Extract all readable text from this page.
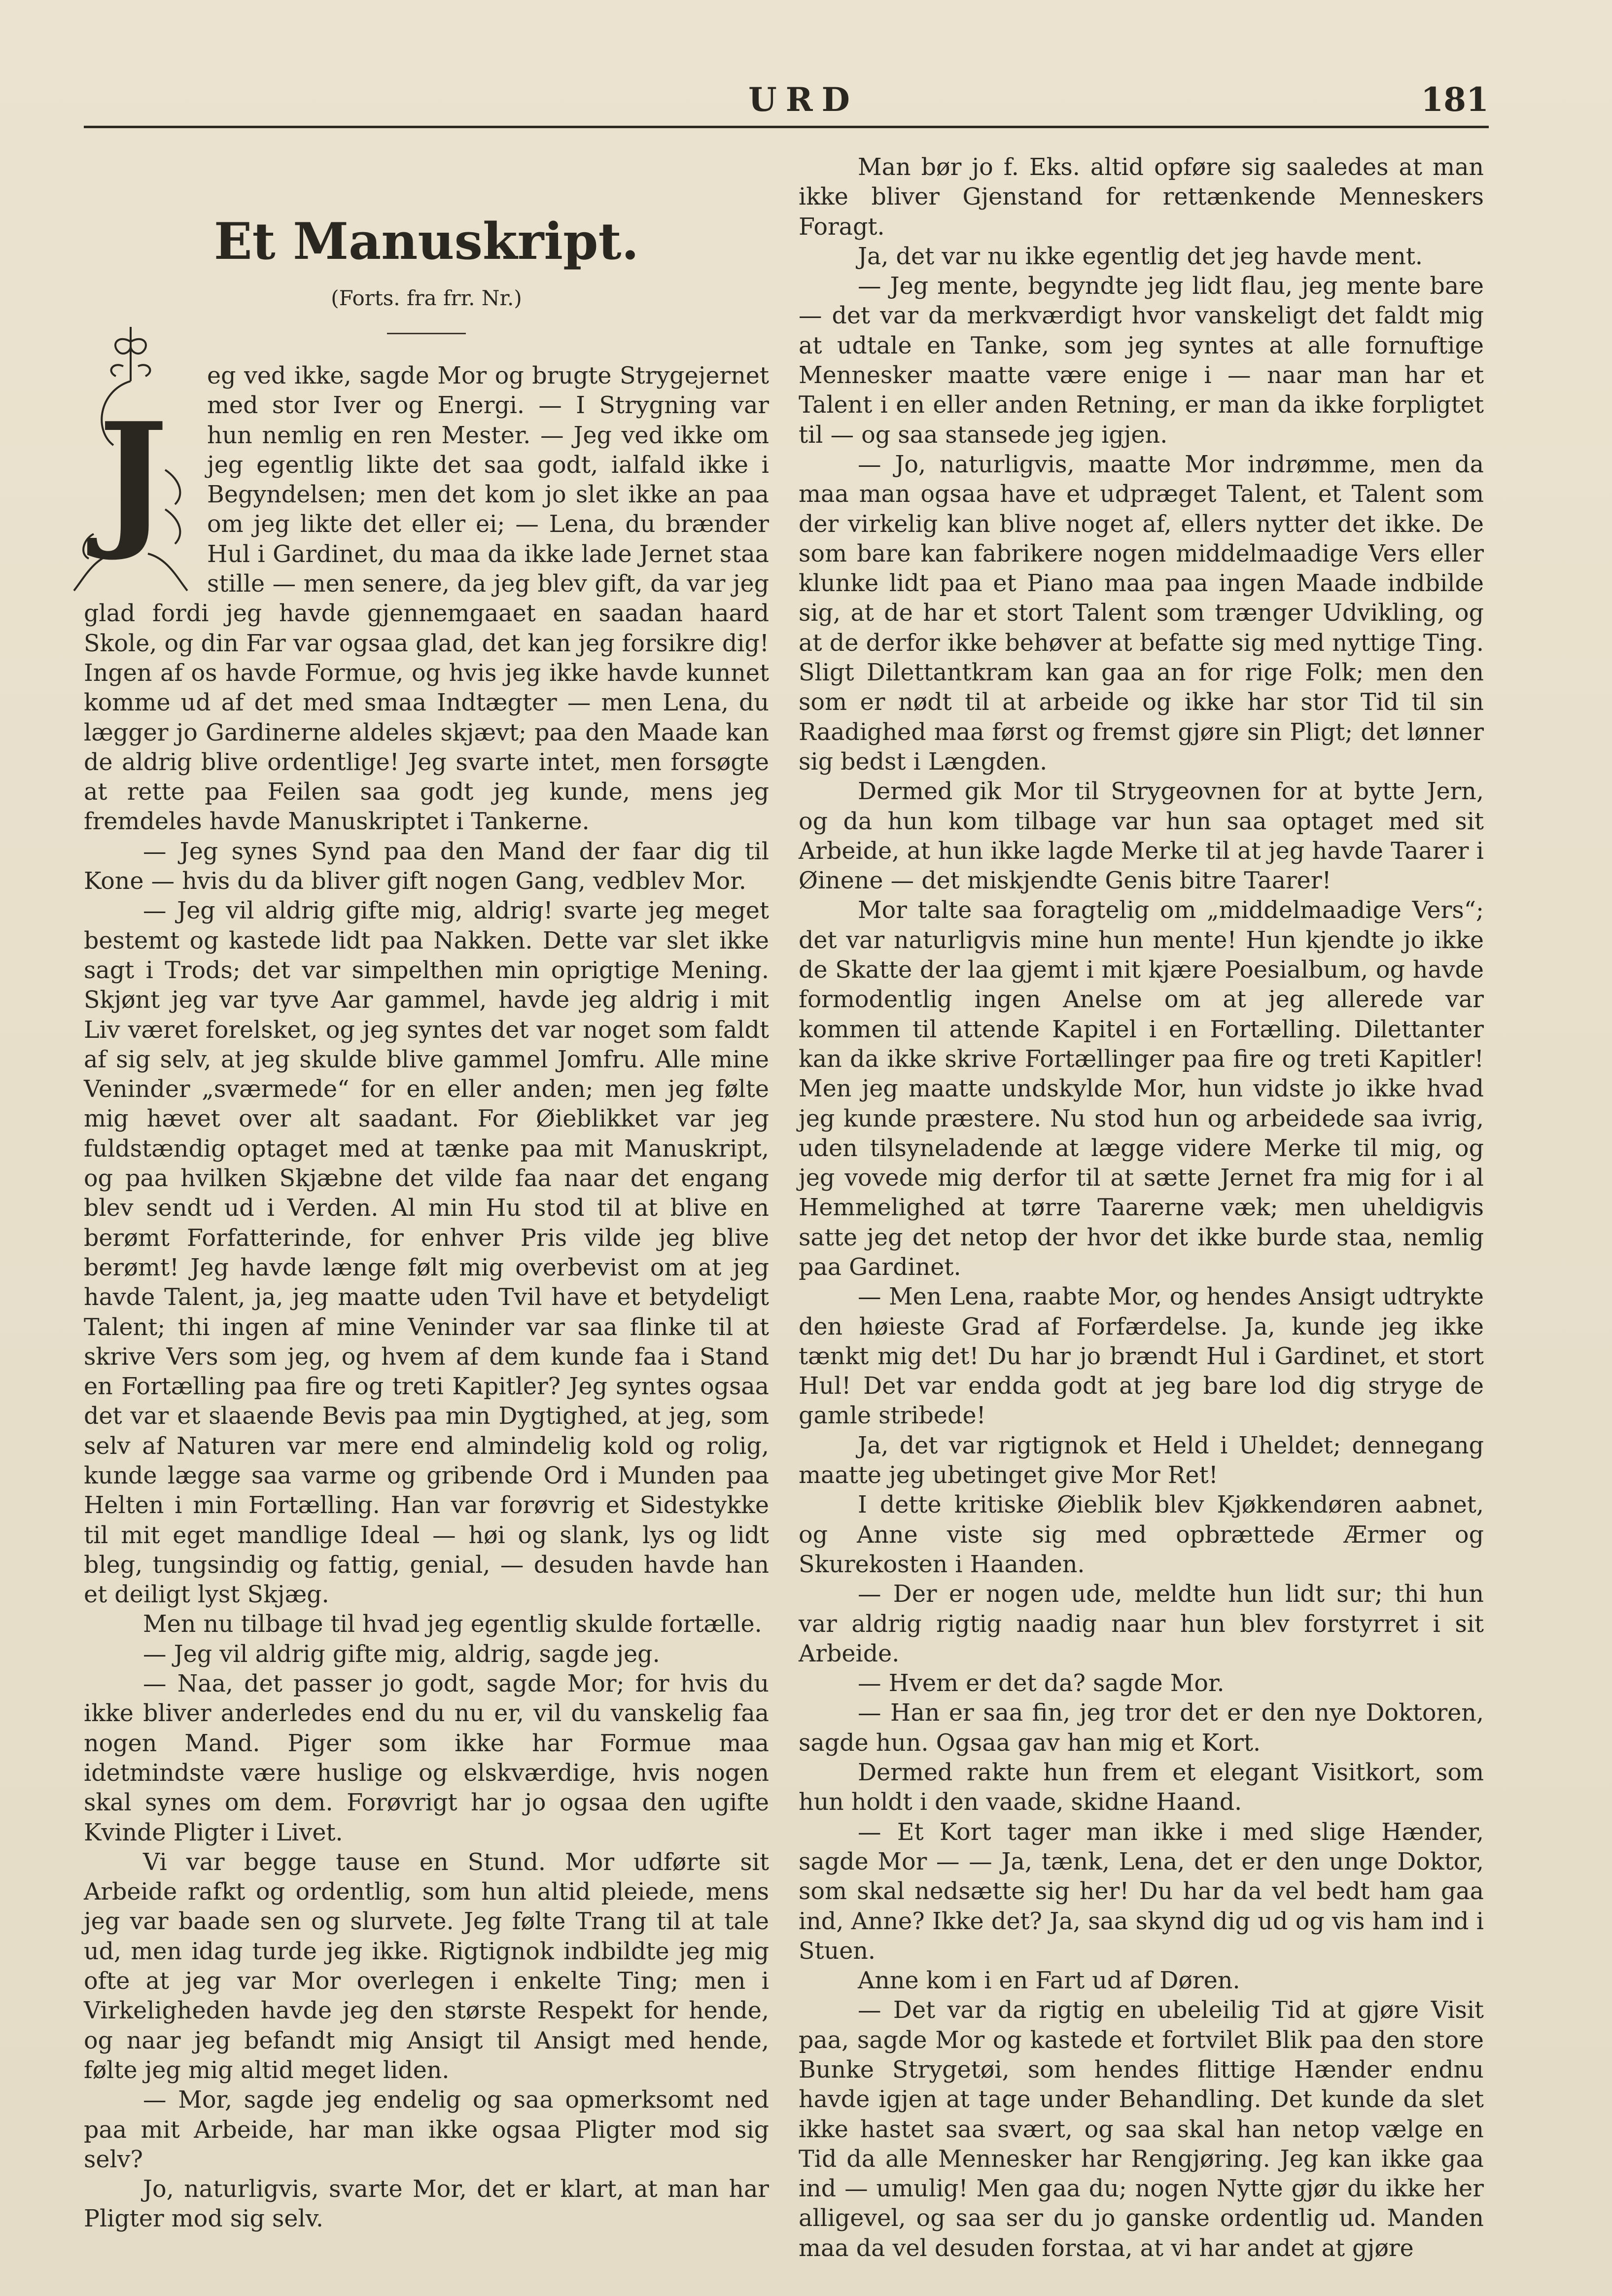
URD	181
Et Manuskript.
(Forts. fra frr. Nr.)
J

eg ved ikke, sagde Mor og brugte Strygejernet med stor Iver og Energi. — I Strygning var hun nemlig en ren Mester. — Jeg ved ikke om jeg egentlig likte det saa godt, ialfald ikke i Begyndelsen; men det kom jo slet ikke an paa om jeg likte det eller ei; — Lena, du brænder Hul i Gardinet, du maa da ikke lade Jernet staa stille — men senere, da jeg blev gift, da var jeg glad fordi jeg havde gjennemgaaet en saadan haard Skole, og din Far var ogsaa glad, det kan jeg forsikre dig! Ingen af os havde Formue, og hvis jeg ikke havde kunnet komme ud af det med smaa Indtægter — men Lena, du lægger jo Gardinerne aldeles skjævt; paa den Maade kan de aldrig blive ordentlige! Jeg svarte intet, men forsøgte at rette paa Feilen saa godt jeg kunde, mens jeg fremdeles havde Manuskriptet i Tankerne.

— Jeg synes Synd paa den Mand der faar dig til Kone — hvis du da bliver gift nogen Gang, vedblev Mor.

— Jeg vil aldrig gifte mig, aldrig! svarte jeg meget bestemt og kastede lidt paa Nakken. Dette var slet ikke sagt i Trods; det var simpelthen min oprigtige Mening. Skjønt jeg var tyve Aar gammel, havde jeg aldrig i mit Liv været forelsket, og jeg syntes det var noget som faldt af sig selv, at jeg skulde blive gammel Jomfru. Alle mine Veninder „sværmede“ for en eller anden; men jeg følte mig hævet over alt saadant. For Øieblikket var jeg fuldstændig optaget med at tænke paa mit Manuskript, og paa hvilken Skjæbne det vilde faa naar det engang blev sendt ud i Verden. Al min Hu stod til at blive en berømt Forfatterinde, for enhver Pris vilde jeg blive berømt! Jeg havde længe følt mig overbevist om at jeg havde Talent, ja, jeg maatte uden Tvil have et betydeligt Talent; thi ingen af mine Veninder var saa flinke til at skrive Vers som jeg, og hvem af dem kunde faa i Stand en Fortælling paa fire og treti Kapitler? Jeg syntes ogsaa det var et slaaende Bevis paa min Dygtighed, at jeg, som selv af Naturen var mere end almindelig kold og rolig, kunde lægge saa varme og gribende Ord i Munden paa Helten i min Fortælling. Han var forøvrig et Sidestykke til mit eget mandlige Ideal — høi og slank, lys og lidt bleg, tungsindig og fattig, genial, — desuden havde han et deiligt lyst Skjæg.

Men nu tilbage til hvad jeg egentlig skulde fortælle.

— Jeg vil aldrig gifte mig, aldrig, sagde jeg.

— Naa, det passer jo godt, sagde Mor; for hvis du ikke bliver anderledes end du nu er, vil du vanskelig faa nogen Mand. Piger som ikke har Formue maa idetmindste være huslige og elskværdige, hvis nogen skal synes om dem. Forøvrigt har jo ogsaa den ugifte Kvinde Pligter i Livet.

Vi var begge tause en Stund. Mor udførte sit Arbeide rafkt og ordentlig, som hun altid pleiede, mens jeg var baade sen og slurvete. Jeg følte Trang til at tale ud, men idag turde jeg ikke. Rigtignok indbildte jeg mig ofte at jeg var Mor overlegen i enkelte Ting; men i Virkeligheden havde jeg den største Respekt for hende, og naar jeg befandt mig Ansigt til Ansigt med hende, følte jeg mig altid meget liden.

— Mor, sagde jeg endelig og saa opmerksomt ned paa mit Arbeide, har man ikke ogsaa Pligter mod sig selv?

Jo, naturligvis, svarte Mor, det er klart, at man har Pligter mod sig selv.

Man bør jo f. Eks. altid opføre sig saaledes at man ikke bliver Gjenstand for rettænkende Menneskers Foragt.

Ja, det var nu ikke egentlig det jeg havde ment.

— Jeg mente, begyndte jeg lidt flau, jeg mente bare — det var da merkværdigt hvor vanskeligt det faldt mig at udtale en Tanke, som jeg syntes at alle fornuftige Mennesker maatte være enige i — naar man har et Talent i en eller anden Retning, er man da ikke forpligtet til — og saa stansede jeg igjen.

— Jo, naturligvis, maatte Mor indrømme, men da maa man ogsaa have et udpræget Talent, et Talent som der virkelig kan blive noget af, ellers nytter det ikke. De som bare kan fabrikere nogen middelmaadige Vers eller klunke lidt paa et Piano maa paa ingen Maade indbilde sig, at de har et stort Talent som trænger Udvikling, og at de derfor ikke behøver at befatte sig med nyttige Ting. Sligt Dilettantkram kan gaa an for rige Folk; men den som er nødt til at arbeide og ikke har stor Tid til sin Raadighed maa først og fremst gjøre sin Pligt; det lønner sig bedst i Længden.

Dermed gik Mor til Strygeovnen for at bytte Jern, og da hun kom tilbage var hun saa optaget med sit Arbeide, at hun ikke lagde Merke til at jeg havde Taarer i Øinene — det miskjendte Genis bitre Taarer!

Mor talte saa foragtelig om „middelmaadige Vers“; det var naturligvis mine hun mente! Hun kjendte jo ikke de Skatte der laa gjemt i mit kjære Poesialbum, og havde formodentlig ingen Anelse om at jeg allerede var kommen til attende Kapitel i en Fortælling. Dilettanter kan da ikke skrive Fortællinger paa fire og treti Kapitler! Men jeg maatte undskylde Mor, hun vidste jo ikke hvad jeg kunde præstere. Nu stod hun og arbeidede saa ivrig, uden tilsyneladende at lægge videre Merke til mig, og jeg vovede mig derfor til at sætte Jernet fra mig for i al Hemmelighed at tørre Taarerne væk; men uheldigvis satte jeg det netop der hvor det ikke burde staa, nemlig paa Gardinet.

— Men Lena, raabte Mor, og hendes Ansigt udtrykte den høieste Grad af Forfærdelse. Ja, kunde jeg ikke tænkt mig det! Du har jo brændt Hul i Gardinet, et stort Hul! Det var endda godt at jeg bare lod dig stryge de gamle stribede!

Ja, det var rigtignok et Held i Uheldet; dennegang maatte jeg ubetinget give Mor Ret!

I dette kritiske Øieblik blev Kjøkkendøren aabnet, og Anne viste sig med opbrættede Ærmer og Skurekosten i Haanden.

— Der er nogen ude, meldte hun lidt sur; thi hun var aldrig rigtig naadig naar hun blev forstyrret i sit Arbeide.

— Hvem er det da? sagde Mor.

— Han er saa fin, jeg tror det er den nye Doktoren, sagde hun. Ogsaa gav han mig et Kort.

Dermed rakte hun frem et elegant Visitkort, som hun holdt i den vaade, skidne Haand.

— Et Kort tager man ikke i med slige Hænder, sagde Mor — — Ja, tænk, Lena, det er den unge Doktor, som skal nedsætte sig her! Du har da vel bedt ham gaa ind, Anne? Ikke det? Ja, saa skynd dig ud og vis ham ind i Stuen.

Anne kom i en Fart ud af Døren.

— Det var da rigtig en ubeleilig Tid at gjøre Visit paa, sagde Mor og kastede et fortvilet Blik paa den store Bunke Strygetøi, som hendes flittige Hænder endnu havde igjen at tage under Behandling. Det kunde da slet ikke hastet saa svært, og saa skal han netop vælge en Tid da alle Mennesker har Rengjøring. Jeg kan ikke gaa ind — umulig! Men gaa du; nogen Nytte gjør du ikke her alligevel, og saa ser du jo ganske ordentlig ud. Manden maa da vel desuden forstaa, at vi har andet at gjøre
